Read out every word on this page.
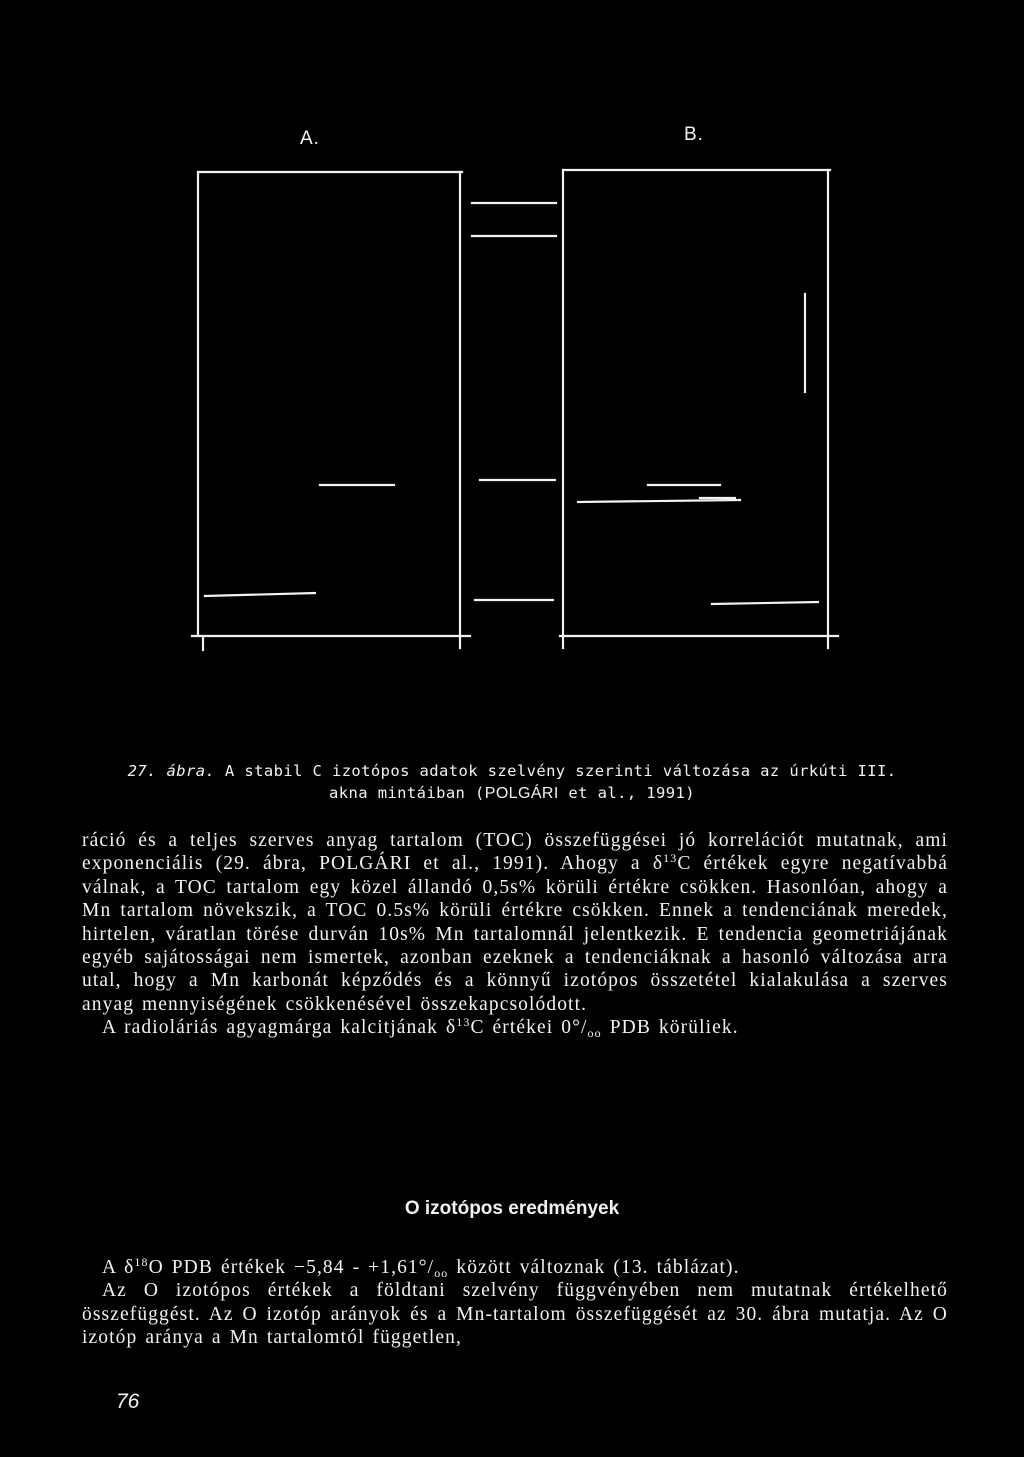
A.	B.
27. ábra. A stabil C izotópos adatok szelvény szerinti változása az úrkúti III.
akna mintáiban (POLGÁRI et al., 1991)

ráció és a teljes szerves anyag tartalom (TOC) összefüggései jó korrelációt mutatnak, ami exponenciális (29. ábra, POLGÁRI et al., 1991). Ahogy a $\delta^{13}C$ értékek egyre negatívabbá válnak, a TOC tartalom egy közel állandó 0,5s% körüli értékre csökken. Hasonlóan, ahogy a Mn tartalom növekszik, a TOC 0.5s% körüli értékre csökken. Ennek a tendenciának meredek, hirtelen, váratlan törése durván 10s% Mn tartalomnál jelentkezik. E tendencia geometriájának egyéb sajátosságai nem ismertek, azonban ezeknek a tendenciáknak a hasonló változása arra utal, hogy a Mn karbonát képződés és a könnyű izotópos összetétel kialakulása a szerves anyag mennyiségének csökkenésével összekapcsolódott.

A radioláriás agyagmárga kalcitjának $\delta^{13}C$ értékei $0^\circ/_{oo}$ PDB körüliek.

O izotópos eredmények

A $\delta^{18}O$ PDB értékek $-5,84 - +1,61^\circ/_{oo}$ között változnak (13. táblázat).

Az O izotópos értékek a földtani szelvény függvényében nem mutatnak értékelhető összefüggést. Az O izotóp arányok és a Mn-tartalom összefüggését az 30. ábra mutatja. Az O izotóp aránya a Mn tartalomtól független,

76
